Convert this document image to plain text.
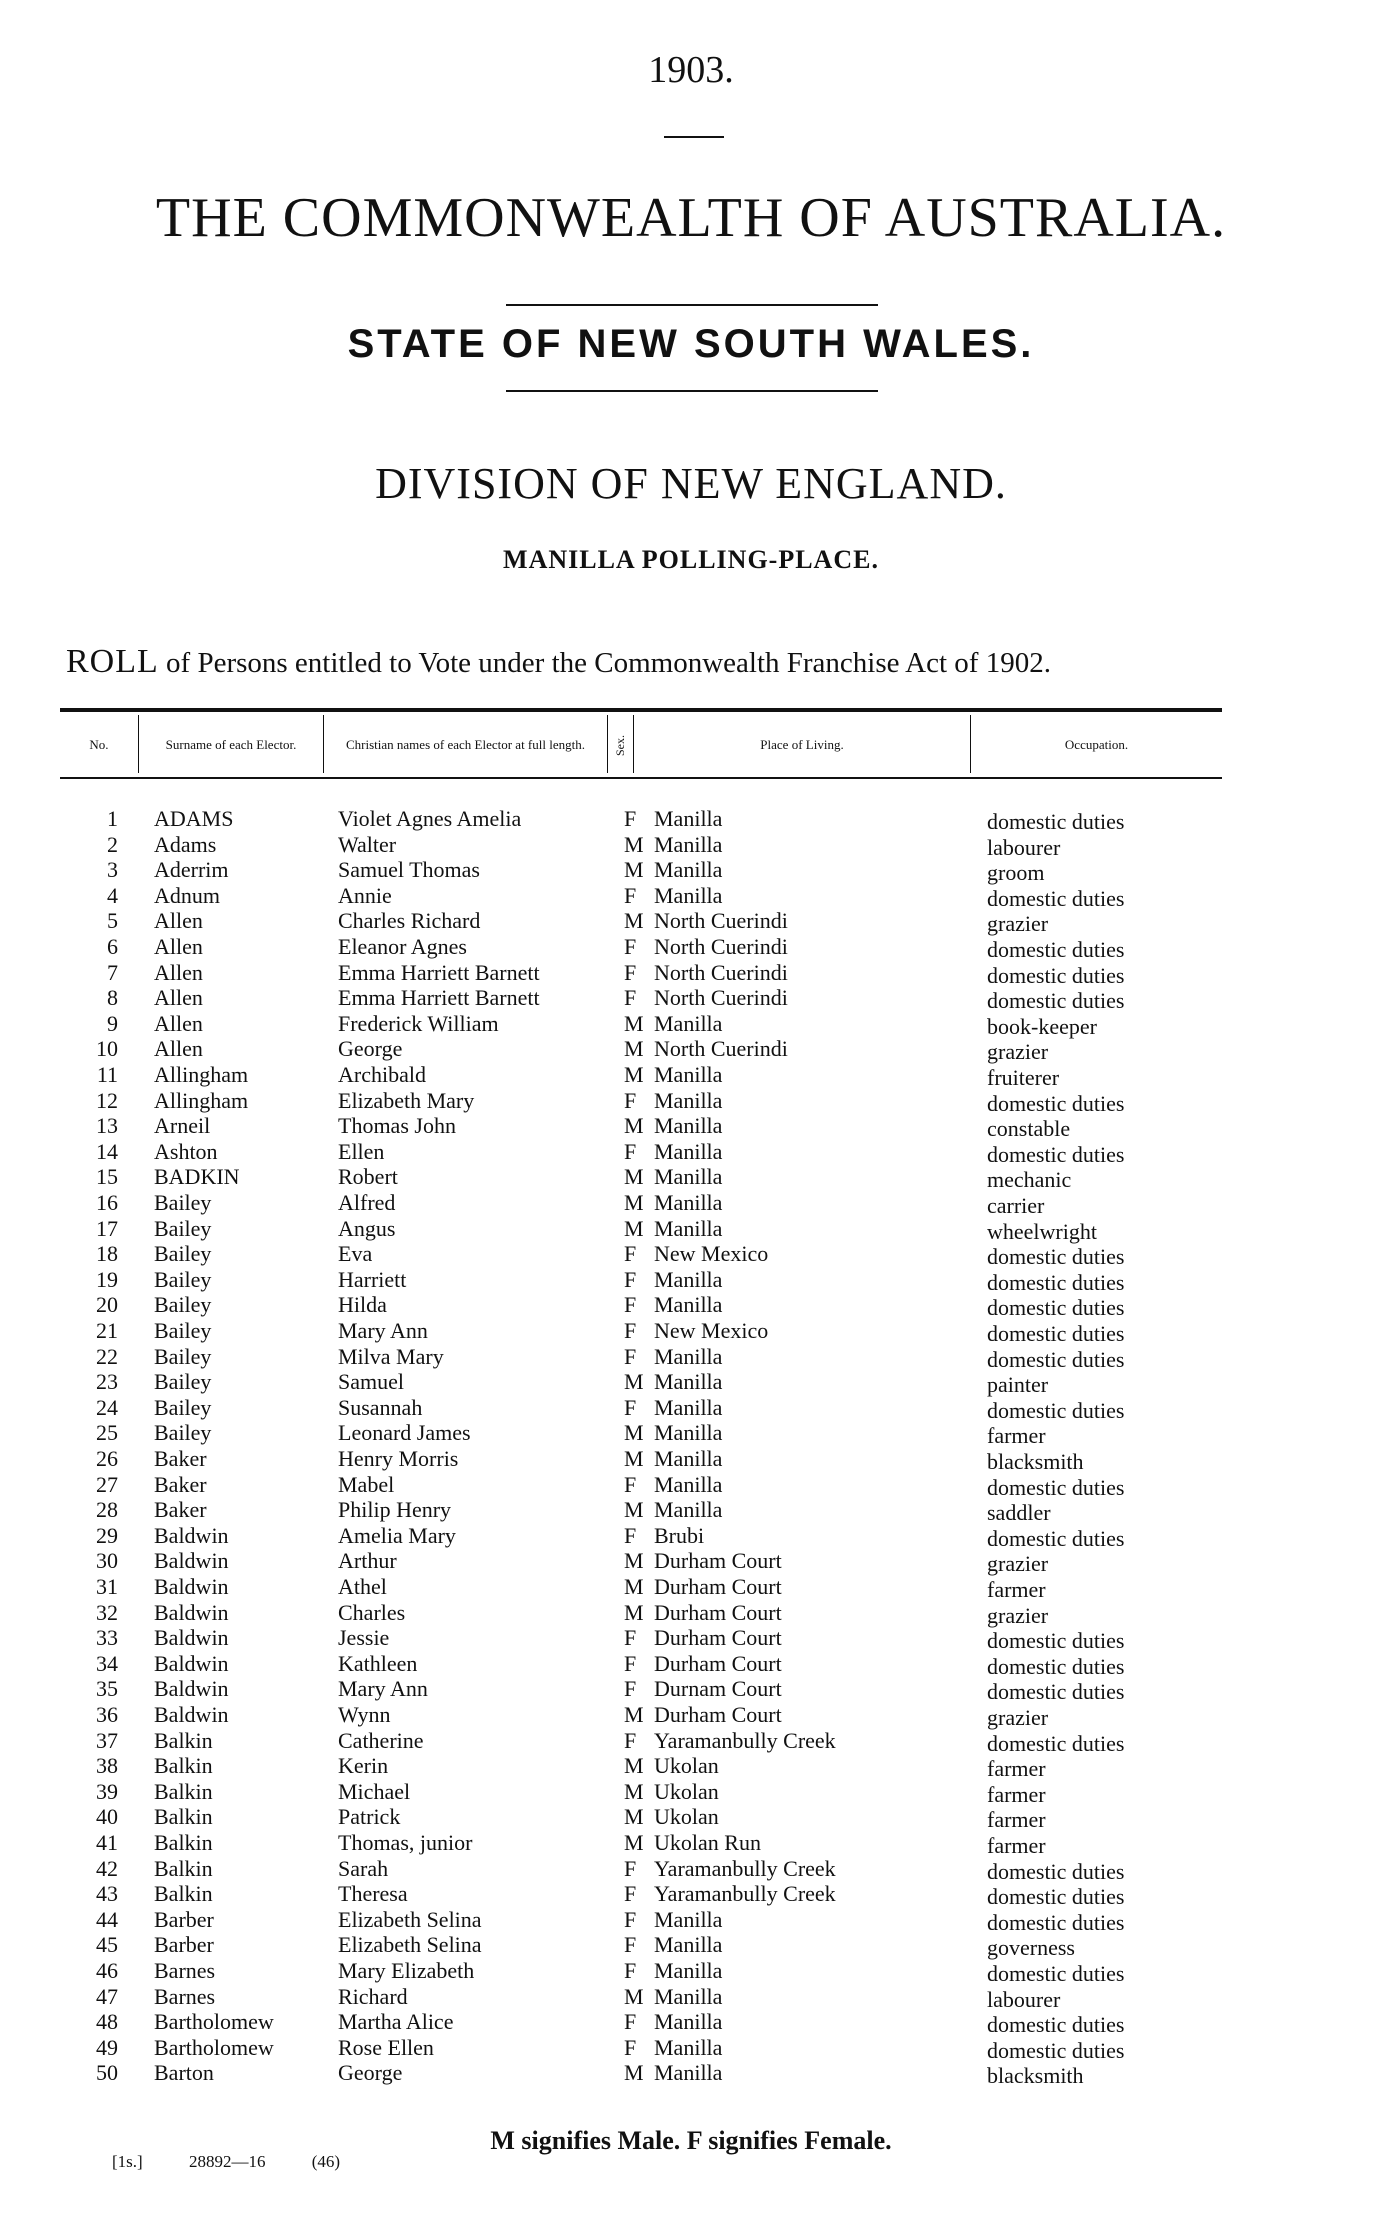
1903.
THE COMMONWEALTH OF AUSTRALIA.
STATE OF NEW SOUTH WALES.
DIVISION OF NEW ENGLAND.
MANILLA POLLING-PLACE.
ROLL of Persons entitled to Vote under the Commonwealth Franchise Act of 1902.
No.	Surname of each Elector.	Christian names of each Elector at full length.	Sex.	Place of Living.	Occupation.
1 ADAMS	Violet Agnes Amelia	F Manilla	domestic duties
2 Adams	Walter	M Manilla	labourer
3 Aderrim	Samuel Thomas	M Manilla	groom
4 Adnum	Annie	F Manilla	domestic duties
5 Allen	Charles Richard	M North Cuerindi	grazier
6 Allen	Eleanor Agnes	F North Cuerindi	domestic duties
7 Allen	Emma Harriett Barnett	F North Cuerindi	domestic duties
8 Allen	Emma Harriett Barnett	F North Cuerindi	domestic duties
9 Allen	Frederick William	M Manilla	book-keeper
10 Allen	George	M North Cuerindi	grazier
11 Allingham	Archibald	M Manilla	fruiterer
12 Allingham	Elizabeth Mary	F Manilla	domestic duties
13 Arneil	Thomas John	M Manilla	constable
14 Ashton	Ellen	F Manilla	domestic duties
15 BADKIN	Robert	M Manilla	mechanic
16 Bailey	Alfred	M Manilla	carrier
17 Bailey	Angus	M Manilla	wheelwright
18 Bailey	Eva	F New Mexico	domestic duties
19 Bailey	Harriett	F Manilla	domestic duties
20 Bailey	Hilda	F Manilla	domestic duties
21 Bailey	Mary Ann	F New Mexico	domestic duties
22 Bailey	Milva Mary	F Manilla	domestic duties
23 Bailey	Samuel	M Manilla	painter
24 Bailey	Susannah	F Manilla	domestic duties
25 Bailey	Leonard James	M Manilla	farmer
26 Baker	Henry Morris	M Manilla	blacksmith
27 Baker	Mabel	F Manilla	domestic duties
28 Baker	Philip Henry	M Manilla	saddler
29 Baldwin	Amelia Mary	F Brubi	domestic duties
30 Baldwin	Arthur	M Durham Court	grazier
31 Baldwin	Athel	M Durham Court	farmer
32 Baldwin	Charles	M Durham Court	grazier
33 Baldwin	Jessie	F Durham Court	domestic duties
34 Baldwin	Kathleen	F Durham Court	domestic duties
35 Baldwin	Mary Ann	F Durnam Court	domestic duties
36 Baldwin	Wynn	M Durham Court	grazier
37 Balkin	Catherine	F Yaramanbully Creek	domestic duties
38 Balkin	Kerin	M Ukolan	farmer
39 Balkin	Michael	M Ukolan	farmer
40 Balkin	Patrick	M Ukolan	farmer
41 Balkin	Thomas, junior	M Ukolan Run	farmer
42 Balkin	Sarah	F Yaramanbully Creek	domestic duties
43 Balkin	Theresa	F Yaramanbully Creek	domestic duties
44 Barber	Elizabeth Selina	F Manilla	domestic duties
45 Barber	Elizabeth Selina	F Manilla	governess
46 Barnes	Mary Elizabeth	F Manilla	domestic duties
47 Barnes	Richard	M Manilla	labourer
48 Bartholomew	Martha Alice	F Manilla	domestic duties
49 Bartholomew	Rose Ellen	F Manilla	domestic duties
50 Barton	George	M Manilla	blacksmith
M signifies Male. F signifies Female.
[1s.]	28892—16	(46)
